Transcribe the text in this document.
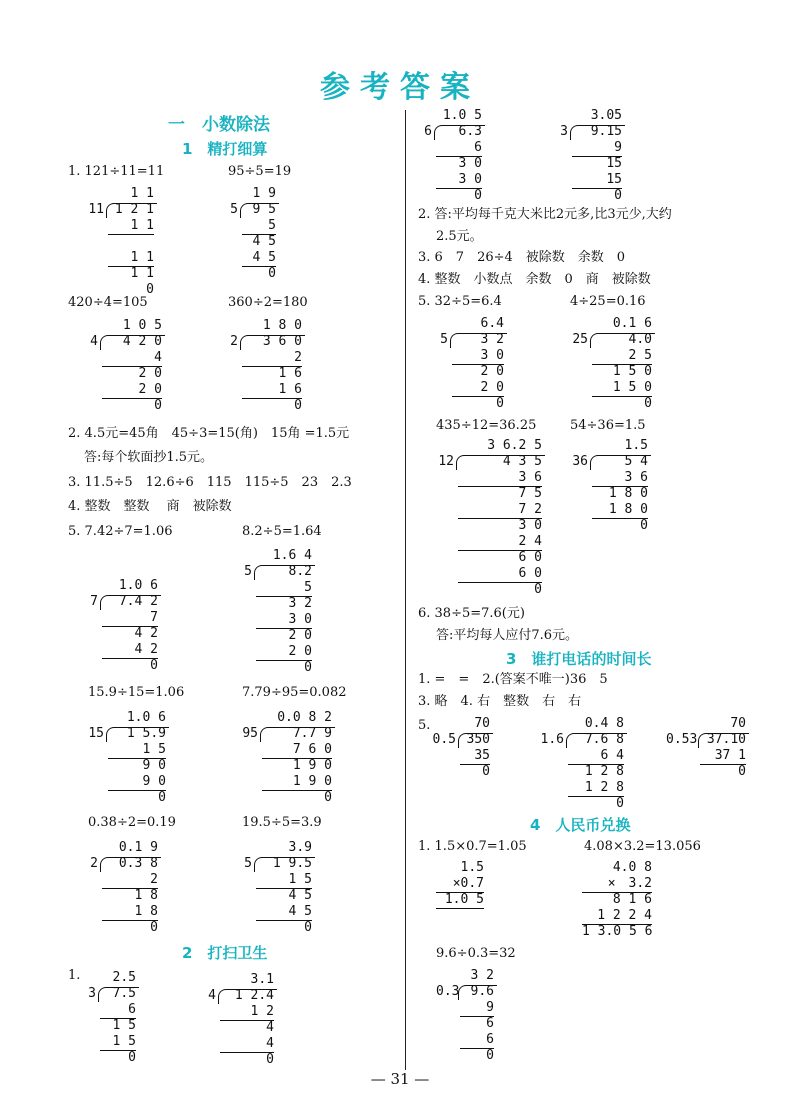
参考答案
一　小数除法
1　精打细算
1. 121÷11=11	95÷5=19
1 1
11 1 2 1
1 1
1 1
1 1
0
1 9
5	9 5
5
4 5
4 5
0
420÷4=105	360÷2=180
1 0 5
4	4 2 0
4
2 0
2 0
0
1 8 0
2	3 6 0
2
1 6
1 6
0
2. 4.5元=45角　45÷3=15(角)　15角 =1.5元
答:每个软面抄1.5元。
3. 11.5÷5　12.6÷6　115　115÷5　23　2.3
4. 整数　整数　 商　被除数
5. 7.42÷7=1.06	8.2÷5=1.64
1.0 6
7	7.4 2
7
4 2
4 2
0
1.6 4
5	8.2
5
3 2
3 0
2 0
2 0
0
15.9÷15=1.06	7.79÷95=0.082
1.0 6
15	1 5.9
1 5
9 0
9 0
0
0.0 8 2
95	7.7 9
7 6 0
1 9 0
1 9 0
0
0.38÷2=0.19	19.5÷5=3.9
0.1 9
2	0.3 8
2
1 8
1 8
0
3.9
5	1 9.5
1 5
4 5
4 5
0
2　打扫卫生
1.	2.5
3	7.5
6
1 5
1 5
0
3.1
4	1 2.4
1 2
4
4
0
1.0 5
6	6.3
6
3 0
3 0
0
3.05
3	9.15
9
15
15
0
2. 答:平均每千克大米比2元多,比3元少,大约
2.5元。
3. 6　7　26÷4　被除数　余数　0
4. 整数　小数点　余数　0　商　被除数
5. 32÷5=6.4	4÷25=0.16
6.4
5	3 2
3 0
2 0
2 0
0
0.1 6
25	4.0
2 5
1 5 0
1 5 0
0
435÷12=36.25	54÷36=1.5
3 6.2 5
12	4 3 5
3 6
7 5
7 2
3 0
2 4
6 0
6 0
0
1.5
36	5 4
3 6
1 8 0
1 8 0
0
6. 38÷5=7.6(元)
答:平均每人应付7.6元。
3　谁打电话的时间长
1. =　=　2.(答案不唯一)36　5
3. 略　4. 右　整数　右　右
5.	70
0.5 350
35
0
0.4 8
1.6	7.6 8
6 4
1 2 8
1 2 8
0
70
0.53 37.10
37 1
0
4　人民币兑换
1. 1.5×0.7=1.05	4.08×3.2=13.056
1.5
×0.7
1.0 5
4.0 8
×　3.2
8 1 6
1 2 2 4
1 3.0 5 6
9.6÷0.3=32
3 2
0.3 9.6
9
6
6
0
— 31 —
